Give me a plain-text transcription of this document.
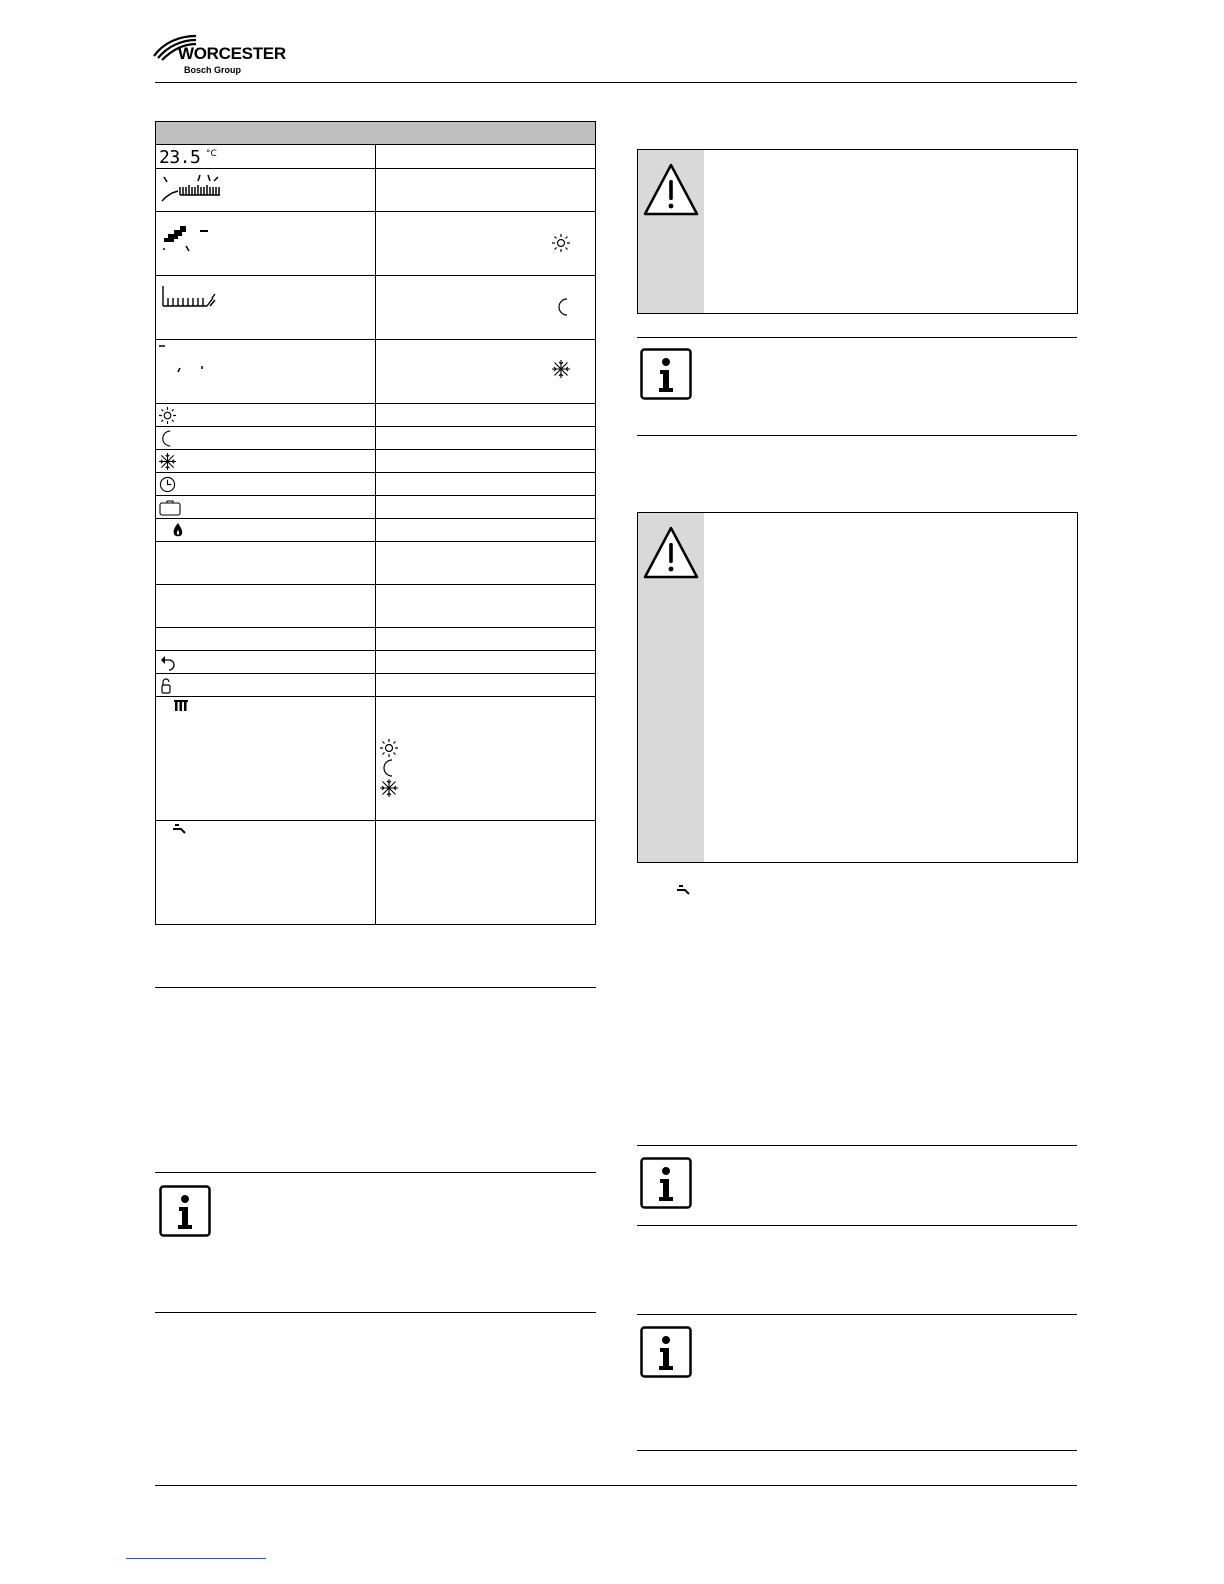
WORCESTER
Bosch Group

23.5 °C	
